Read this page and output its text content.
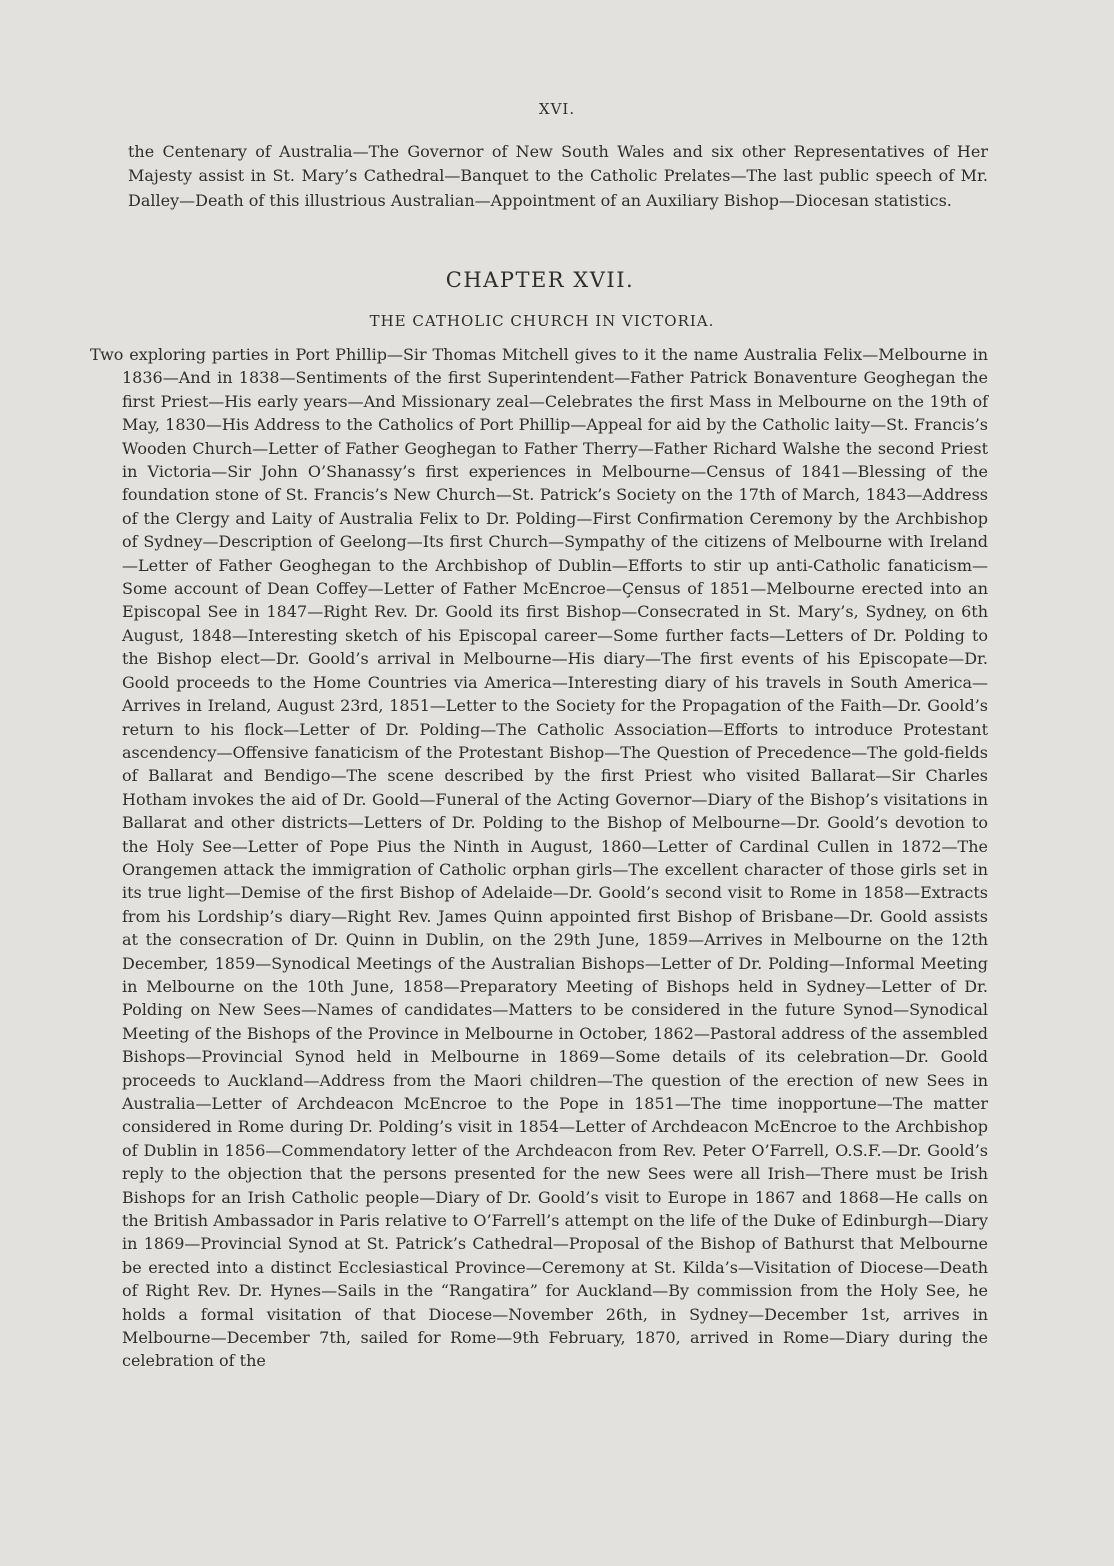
XVI.

the Centenary of Australia—The Governor of New South Wales and six other Representatives of Her Majesty assist in St. Mary’s Cathedral—Banquet to the Catholic Prelates—The last public speech of Mr. Dalley—Death of this illustrious Australian—Appointment of an Auxiliary Bishop—Diocesan statistics.

CHAPTER XVII.
THE CATHOLIC CHURCH IN VICTORIA.

Two exploring parties in Port Phillip—Sir Thomas Mitchell gives to it the name Australia Felix—Melbourne in 1836—And in 1838—Sentiments of the first Superintendent—Father Patrick Bonaventure Geoghegan the first Priest—His early years—And Missionary zeal—Celebrates the first Mass in Melbourne on the 19th of May, 1830—His Address to the Catholics of Port Phillip—Appeal for aid by the Catholic laity—St. Francis’s Wooden Church—Letter of Father Geoghegan to Father Therry—Father Richard Walshe the second Priest in Victoria—Sir John O’Shanassy’s first experiences in Melbourne—Census of 1841—Blessing of the foundation stone of St. Francis’s New Church—St. Patrick’s Society on the 17th of March, 1843—Address of the Clergy and Laity of Australia Felix to Dr. Polding—First Confirmation Ceremony by the Archbishop of Sydney—Description of Geelong—Its first Church—Sympathy of the citizens of Melbourne with Ireland—Letter of Father Geoghegan to the Archbishop of Dublin—Efforts to stir up anti-Catholic fanaticism—Some account of Dean Coffey—Letter of Father McEncroe—Çensus of 1851—Melbourne erected into an Episcopal See in 1847—Right Rev. Dr. Goold its first Bishop—Consecrated in St. Mary’s, Sydney, on 6th August, 1848—Interesting sketch of his Episcopal career—Some further facts—Letters of Dr. Polding to the Bishop elect—Dr. Goold’s arrival in Melbourne—His diary—The first events of his Episcopate—Dr. Goold proceeds to the Home Countries via America—Interesting diary of his travels in South America—Arrives in Ireland, August 23rd, 1851—Letter to the Society for the Propagation of the Faith—Dr. Goold’s return to his flock—Letter of Dr. Polding—The Catholic Association—Efforts to introduce Protestant ascendency—Offensive fanaticism of the Protestant Bishop—The Question of Precedence—The gold-fields of Ballarat and Bendigo—The scene described by the first Priest who visited Ballarat—Sir Charles Hotham invokes the aid of Dr. Goold—Funeral of the Acting Governor—Diary of the Bishop’s visitations in Ballarat and other districts—Letters of Dr. Polding to the Bishop of Melbourne—Dr. Goold’s devotion to the Holy See—Letter of Pope Pius the Ninth in August, 1860—Letter of Cardinal Cullen in 1872—The Orangemen attack the immigration of Catholic orphan girls—The excellent character of those girls set in its true light—Demise of the first Bishop of Adelaide—Dr. Goold’s second visit to Rome in 1858—Extracts from his Lordship’s diary—Right Rev. James Quinn appointed first Bishop of Brisbane—Dr. Goold assists at the consecration of Dr. Quinn in Dublin, on the 29th June, 1859—Arrives in Melbourne on the 12th December, 1859—Synodical Meetings of the Australian Bishops—Letter of Dr. Polding—Informal Meeting in Melbourne on the 10th June, 1858—Preparatory Meeting of Bishops held in Sydney—Letter of Dr. Polding on New Sees—Names of candidates—Matters to be considered in the future Synod—Synodical Meeting of the Bishops of the Province in Melbourne in October, 1862—Pastoral address of the assembled Bishops—Provincial Synod held in Melbourne in 1869—Some details of its celebration—Dr. Goold proceeds to Auckland—Address from the Maori children—The question of the erection of new Sees in Australia—Letter of Archdeacon McEncroe to the Pope in 1851—The time inopportune—The matter considered in Rome during Dr. Polding’s visit in 1854—Letter of Archdeacon McEncroe to the Archbishop of Dublin in 1856—Commendatory letter of the Archdeacon from Rev. Peter O’Farrell, O.S.F.—Dr. Goold’s reply to the objection that the persons presented for the new Sees were all Irish—There must be Irish Bishops for an Irish Catholic people—Diary of Dr. Goold’s visit to Europe in 1867 and 1868—He calls on the British Ambassador in Paris relative to O’Farrell’s attempt on the life of the Duke of Edinburgh—Diary in 1869—Provincial Synod at St. Patrick’s Cathedral—Proposal of the Bishop of Bathurst that Melbourne be erected into a distinct Ecclesiastical Province—Ceremony at St. Kilda’s—Visitation of Diocese—Death of Right Rev. Dr. Hynes—Sails in the “Rangatira” for Auckland—By commission from the Holy See, he holds a formal visitation of that Diocese—November 26th, in Sydney—December 1st, arrives in Melbourne—December 7th, sailed for Rome—9th February, 1870, arrived in Rome—Diary during the celebration of the
